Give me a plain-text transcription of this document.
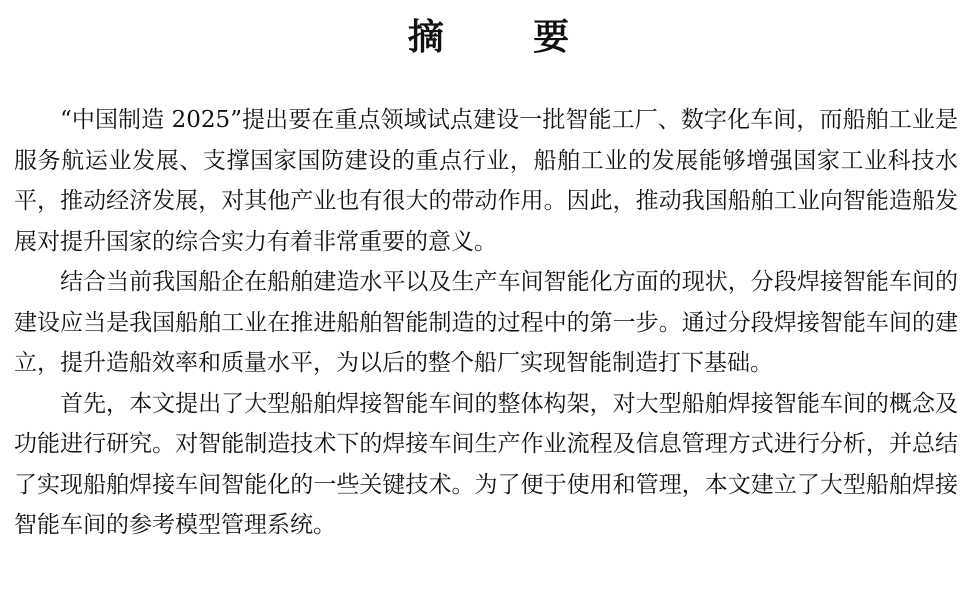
摘      要

“中国制造 2025”提出要在重点领域试点建设一批智能工厂、数字化车间，而船舶工业是服务航运业发展、支撑国家国防建设的重点行业，船舶工业的发展能够增强国家工业科技水平，推动经济发展，对其他产业也有很大的带动作用。因此，推动我国船舶工业向智能造船发展对提升国家的综合实力有着非常重要的意义。

结合当前我国船企在船舶建造水平以及生产车间智能化方面的现状，分段焊接智能车间的建设应当是我国船舶工业在推进船舶智能制造的过程中的第一步。通过分段焊接智能车间的建立，提升造船效率和质量水平，为以后的整个船厂实现智能制造打下基础。

首先，本文提出了大型船舶焊接智能车间的整体构架，对大型船舶焊接智能车间的概念及功能进行研究。对智能制造技术下的焊接车间生产作业流程及信息管理方式进行分析，并总结了实现船舶焊接车间智能化的一些关键技术。为了便于使用和管理，本文建立了大型船舶焊接智能车间的参考模型管理系统。
